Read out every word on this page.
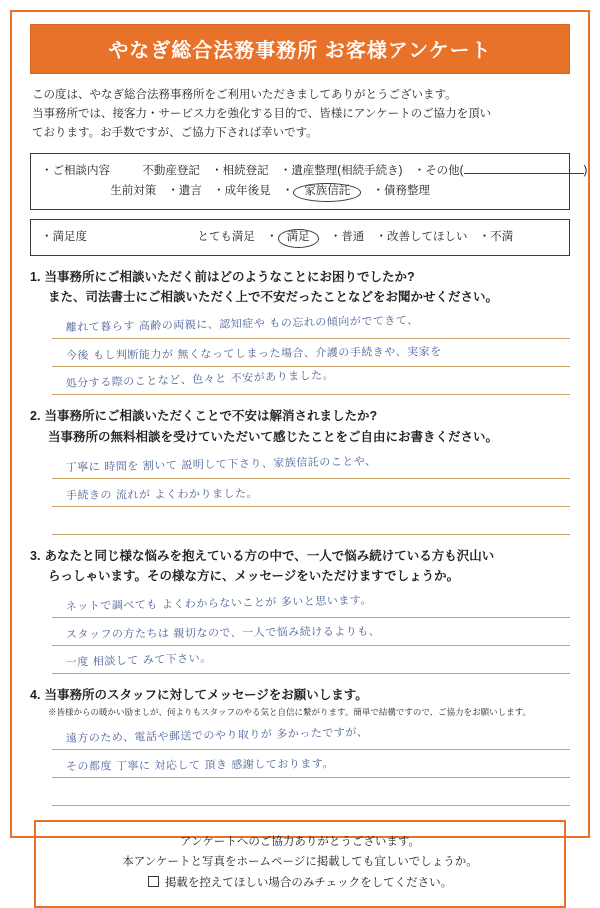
やなぎ総合法務事務所 お客様アンケート
この度は、やなぎ総合法務事務所をご利用いただきましてありがとうございます。
当事務所では、接客力・サービス力を強化する目的で、皆様にアンケートのご協力を頂い
ております。お手数ですが、ご協力下されば幸いです。
・ ご相談内容	不動産登記 ・相続登記 ・遺産整理(相続手続き) ・その他(	)
生前対策 ・遺言 ・成年後見 ・ 家族信託 ・債務整理
・ 満足度	とても満足 ・ 満足 ・普通 ・改善してほしい ・不満
1. 当事務所にご相談いただく前はどのようなことにお困りでしたか?
また、司法書士にご相談いただく上で不安だったことなどをお聞かせください。
離れて暮らす 高齢の両親に、認知症や もの忘れの傾向がでてきて、
今後 もし判断能力が 無くなってしまった場合、介護の手続きや、実家を
処分する際のことなど、色々と 不安がありました。
2. 当事務所にご相談いただくことで不安は解消されましたか?
当事務所の無料相談を受けていただいて感じたことをご自由にお書きください。
丁寧に 時間を 割いて 説明して下さり、家族信託のことや、
手続きの 流れが よくわかりました。
3. あなたと同じ様な悩みを抱えている方の中で、一人で悩み続けている方も沢山い
らっしゃいます。その様な方に、メッセージをいただけますでしょうか。
ネットで調べても よくわからないことが 多いと思います。
スタッフの方たちは 親切なので、一人で悩み続けるよりも、
一度 相談して みて下さい。
4. 当事務所のスタッフに対してメッセージをお願いします。
※皆様からの暖かい励ましが、何よりもスタッフのやる気と自信に繋がります。簡単で結構ですので、ご協力をお願いします。
遠方のため、電話や郵送でのやり取りが 多かったですが、
その都度 丁寧に 対応して 頂き 感謝しております。
アンケートへのご協力ありがとうございます。
本アンケートと写真をホームページに掲載しても宜しいでしょうか。
掲載を控えてほしい場合のみチェックをしてください。
